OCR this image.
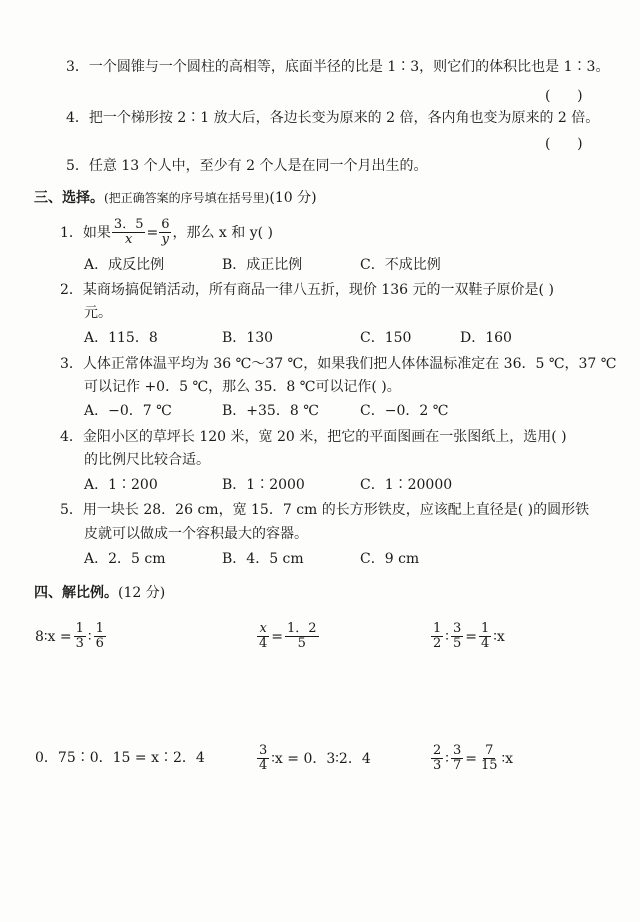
3．一个圆锥与一个圆柱的高相等，底面半径的比是 1∶3，则它们的体积比也是 1∶3。
(      )
4．把一个梯形按 2∶1 放大后，各边长变为原来的 2 倍，各内角也变为原来的 2 倍。
(      )
5．任意 13 个人中，至少有 2 个人是在同一个月出生的。
三、选择。(把正确答案的序号填在括号里)(10 分)
1． 如果 $\frac{3.5}{x} = \frac{6}{y}$ ，那么 x 和 y( )
A．成反比例	B．成正比例	C．不成比例
2．某商场搞促销活动，所有商品一律八五折，现价 136 元的一双鞋子原价是( )
元。
A．115．8	B．130	C．150	D．160
3．人体正常体温平均为 36 ℃～37 ℃，如果我们把人体体温标准定在 36．5 ℃，37 ℃
可以记作 +0．5 ℃，那么 35．8 ℃可以记作( )。
A．−0．7 ℃	B．+35．8 ℃	C．−0．2 ℃
4．金阳小区的草坪长 120 米，宽 20 米，把它的平面图画在一张图纸上，选用( )
的比例尺比较合适。
A．1∶200	B．1∶2000	C．1∶20000
5．用一块长 28．26 cm，宽 15．7 cm 的长方形铁皮，应该配上直径是( )的圆形铁
皮就可以做成一个容积最大的容器。
A．2．5 cm	B．4．5 cm	C．9 cm
四、解比例。(12 分)
8∶x = $\frac{1}{3}$ ∶ $\frac{1}{6}$	$\frac{x}{4} = \frac{1.2}{5}$	$\frac{1}{2}$ ∶ $\frac{3}{5} = \frac{1}{4}$ ∶x
0．75∶0．15 = x∶2．4	$\frac{3}{4}$ ∶x = 0．3∶2．4	$\frac{2}{3}$ ∶ $\frac{3}{7} = \frac{7}{15}$ ∶x
